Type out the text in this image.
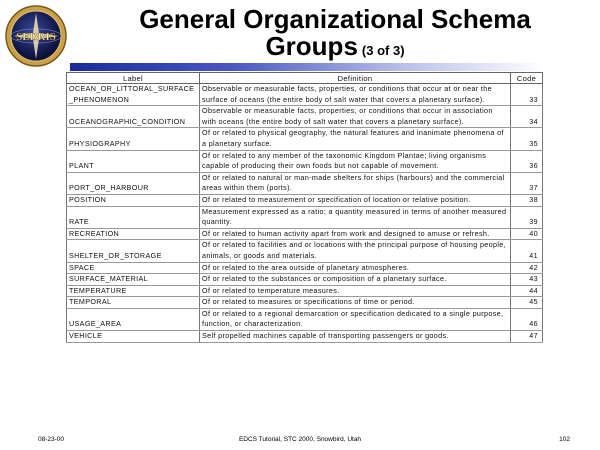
SEDRIS
General Organizational Schema
Groups (3 of 3)
Label	Definition	Code
OCEAN_OR_LITTORAL_SURFACE_PHENOMENON	Observable or measurable facts, properties, or conditions that occur at or near the surface of oceans (the entire body of salt water that covers a planetary surface).	33
OCEANOGRAPHIC_CONDITION	Observable or measurable facts, properties, or conditions that occur in association with oceans (the entire body of salt water that covers a planetary surface).	34
PHYSIOGRAPHY	Of or related to physical geography, the natural features and inanimate phenomena of a planetary surface.	35
PLANT	Of or related to any member of the taxonomic Kingdom Plantae; living organisms capable of producing their own foods but not capable of movement.	36
PORT_OR_HARBOUR	Of or related to natural or man-made shelters for ships (harbours) and the commercial areas within them (ports).	37
POSITION	Of or related to measurement or specification of location or relative position.	38
RATE	Measurement expressed as a ratio; a quantity measured in terms of another measured quantity.	39
RECREATION	Of or related to human activity apart from work and designed to amuse or refresh.	40
SHELTER_OR_STORAGE	Of or related to facilities and or locations with the principal purpose of housing people, animals, or goods and materials.	41
SPACE	Of or related to the area outside of planetary atmospheres.	42
SURFACE_MATERIAL	Of or related to the substances or composition of a planetary surface.	43
TEMPERATURE	Of or related to temperature measures.	44
TEMPORAL	Of or related to measures or specifications of time or period.	45
USAGE_AREA	Of or related to a regional demarcation or specification dedicated to a single purpose, function, or characterization.	46
VEHICLE	Self propelled machines capable of transporting passengers or goods.	47
08-23-00	EDCS Tutorial, STC 2000, Snowbird, Utah	102
